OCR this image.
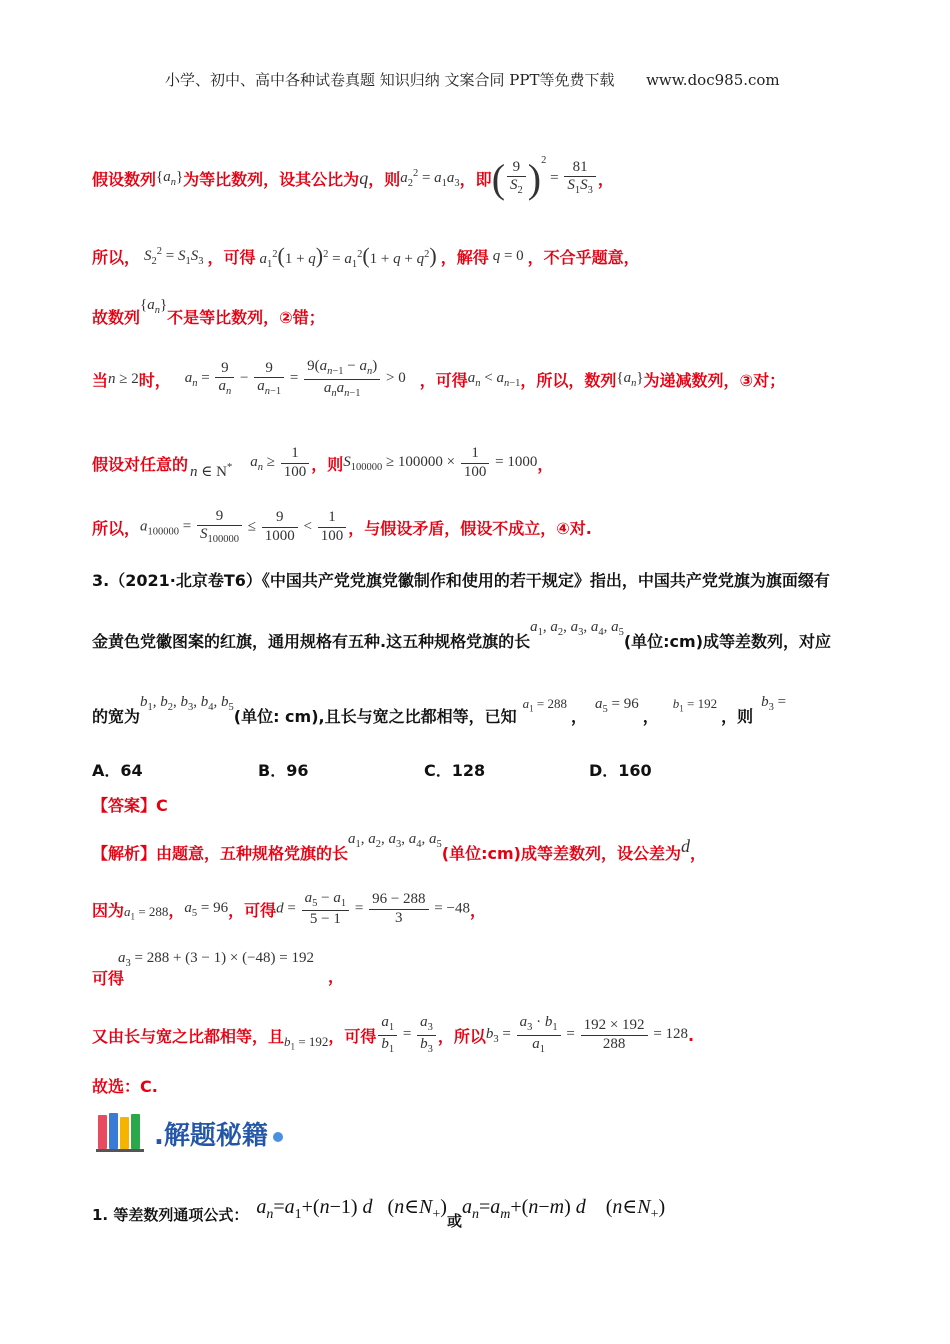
小学、初中、高中各种试卷真题 知识归纳 文案合同 PPT等免费下载 www.doc985.com
假设数列 $\{a_n\}$ 为等比数列，设其公比为 q ，则 $a_2^2 = a_1a_3$ ，即 ( $\frac{9}{S_2} )^2 = \frac{81}{S_1S_3}$ ，
所以， $S_2^2 = S_1S_3$ ，可得 $a_1^2(1 + q)^2 = a_1^2(1 + q + q^2)$ ，解得 q = 0 ，不合乎题意，
故数列
$\{a_n\}$
不是等比数列，②错；
当 n ≥ 2 时， $a_n = \frac{9}{a_n} - \frac{9}{a_{n-1}} = \frac{9(a_{n-1} - a_n)}{a_na_{n-1}} > 0$ ，可得 $a_n < a_{n-1}$ ，所以，数列 $\{a_n\}$ 为递减数列，③对；
假设对任意的 n ∈ N* $a_n \ge \frac{1}{100}$ ，则 $S_{100000} \ge 100000 \times \frac{1}{100} = 1000$ ，
所以， $a_{100000} = \frac{9}{S_{100000}} \le \frac{9}{1000} < \frac{1}{100}$ ，与假设矛盾，假设不成立，④对.
3.（2021·北京卷T6）《中国共产党党旗党徽制作和使用的若干规定》指出，中国共产党党旗为旗面缀有
金黄色党徽图案的红旗，通用规格有五种.这五种规格党旗的长
$a_1$, $a_2$, $a_3$, $a_4$, $a_5$ (单位:cm)成等差数列，对应
的宽为
$b_1$, $b_2$, $b_3$, $b_4$, $b_5$ (单位: cm),且长与宽之比都相等，已知
$a_1 = 288$
，
$a_5 = 96$
，
$b_1 = 192$
，则
$b_3$ =
A．64	B．96	C．128	D．160
【答案】C
【解析】由题意，五种规格党旗的长
$a_1$, $a_2$, $a_3$, $a_4$, $a_5$ (单位:cm)成等差数列，设公差为 d ，
因为 $a_1 = 288$ ， $a_5 = 96$ ，可得 $d = \frac{a_5 - a_1}{5 - 1} = \frac{96 - 288}{3} = -48$ ，
$a_3 = 288 + (3 - 1) \times (-48) = 192$
，
可得
又由长与宽之比都相等，且 $b_1 = 192$ ，可得 $\frac{a_1}{b_1} = \frac{a_3}{b_3}$ ，所以 $b_3 = \frac{a_3 \cdot b_1}{a_1} = \frac{192 \times 192}{288} = 128$ .
故选：C.
.解题秘籍
1. 等差数列通项公式： $a_n=a_1+(n-1)$ d   $(n\in N_+)$
或
$a_n=a_m+(n-m)$ d    $(n\in N_+)$
